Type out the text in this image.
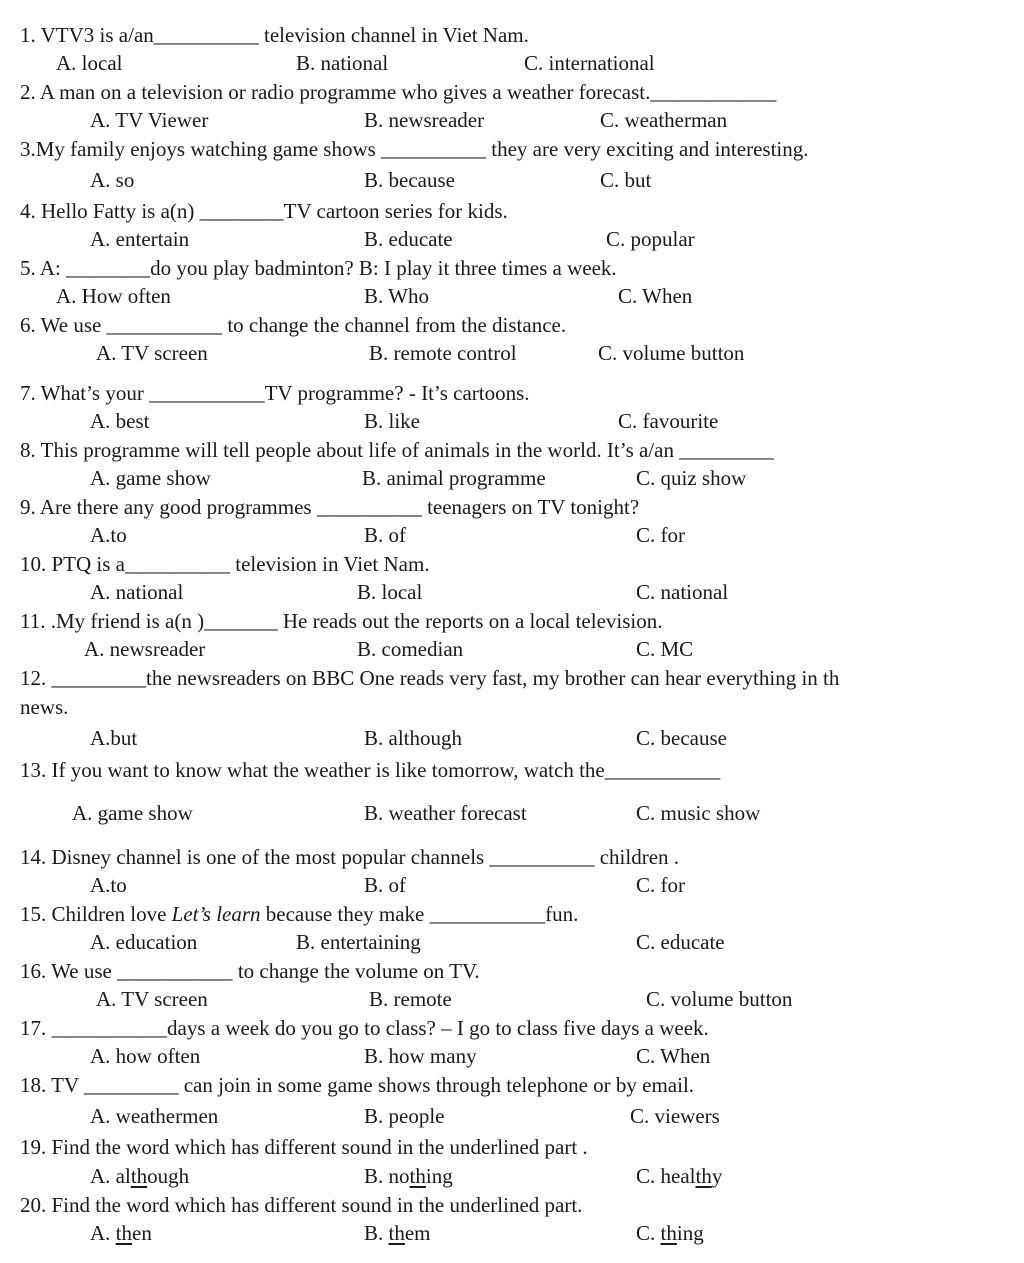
1. VTV3 is a/an__________ television channel in Viet Nam.
A. local	B. national	C. international
2. A man on a television or radio programme who gives a weather forecast.____________
A. TV Viewer	B. newsreader	C. weatherman
3.My family enjoys watching game shows __________ they are very exciting and interesting.
A. so	B. because	C. but
4. Hello Fatty is a(n) ________TV cartoon series for kids.
A. entertain	B. educate	C. popular
5. A: ________do you play badminton? B: I play it three times a week.
A. How often	B. Who	C. When
6. We use ___________ to change the channel from the distance.
A. TV screen	B. remote control	C. volume button
7. What’s your ___________TV programme? - It’s cartoons.
A. best	B. like	C. favourite
8. This programme will tell people about life of animals in the world. It’s a/an _________
A. game show	B. animal programme	C. quiz show
9. Are there any good programmes __________ teenagers on TV tonight?
A.to	B. of	C. for
10. PTQ is a__________ television in Viet Nam.
A. national	B. local	C. national
11. .My friend is a(n )_______ He reads out the reports on a local television.
A. newsreader	B. comedian	C. MC
12. _________the newsreaders on BBC One reads very fast, my brother can hear everything in th
news.
A.but	B. although	C. because
13. If you want to know what the weather is like tomorrow, watch the___________
A. game show	B. weather forecast	C. music show
14. Disney channel is one of the most popular channels __________ children .
A.to	B. of	C. for
15. Children love Let’s learn because they make ___________fun.
A. education	B. entertaining	C. educate
16. We use ___________ to change the volume on TV.
A. TV screen	B. remote	C. volume button
17. ___________days a week do you go to class? – I go to class five days a week.
A. how often	B. how many	C. When
18. TV _________ can join in some game shows through telephone or by email.
A. weathermen	B. people	C. viewers
19. Find the word which has different sound in the underlined part .
A. although	B. nothing	C. healthy
20. Find the word which has different sound in the underlined part.
A. then	B. them	C. thing
